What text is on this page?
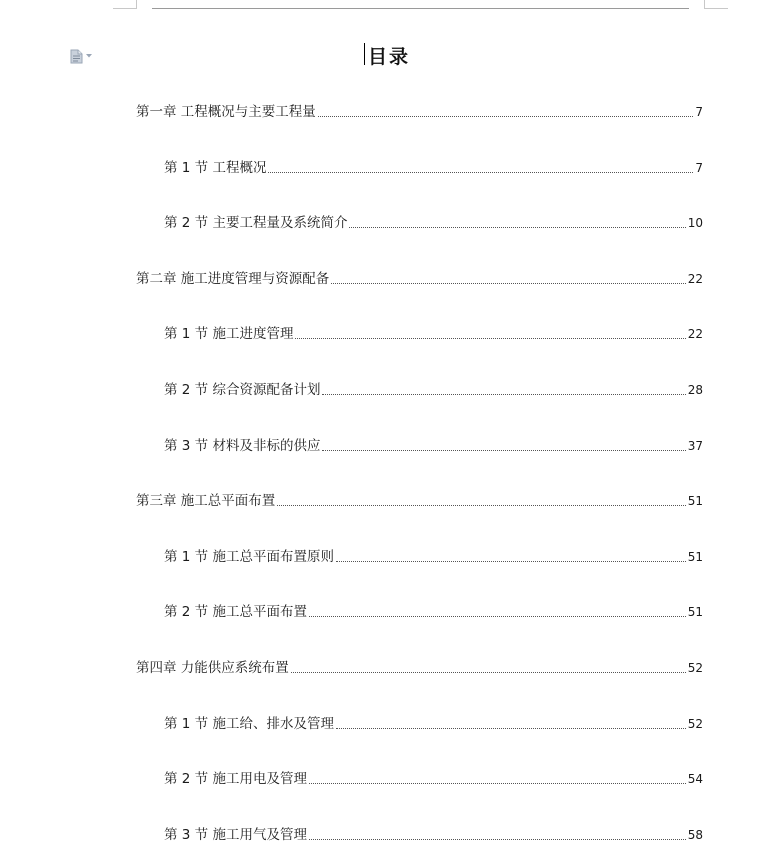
目录
第一章 工程概况与主要工程量	7
第 1 节 工程概况	7
第 2 节 主要工程量及系统简介	10
第二章 施工进度管理与资源配备	22
第 1 节 施工进度管理	22
第 2 节 综合资源配备计划	28
第 3 节 材料及非标的供应	37
第三章 施工总平面布置	51
第 1 节 施工总平面布置原则	51
第 2 节 施工总平面布置	51
第四章 力能供应系统布置	52
第 1 节 施工给、排水及管理	52
第 2 节 施工用电及管理	54
第 3 节 施工用气及管理	58
